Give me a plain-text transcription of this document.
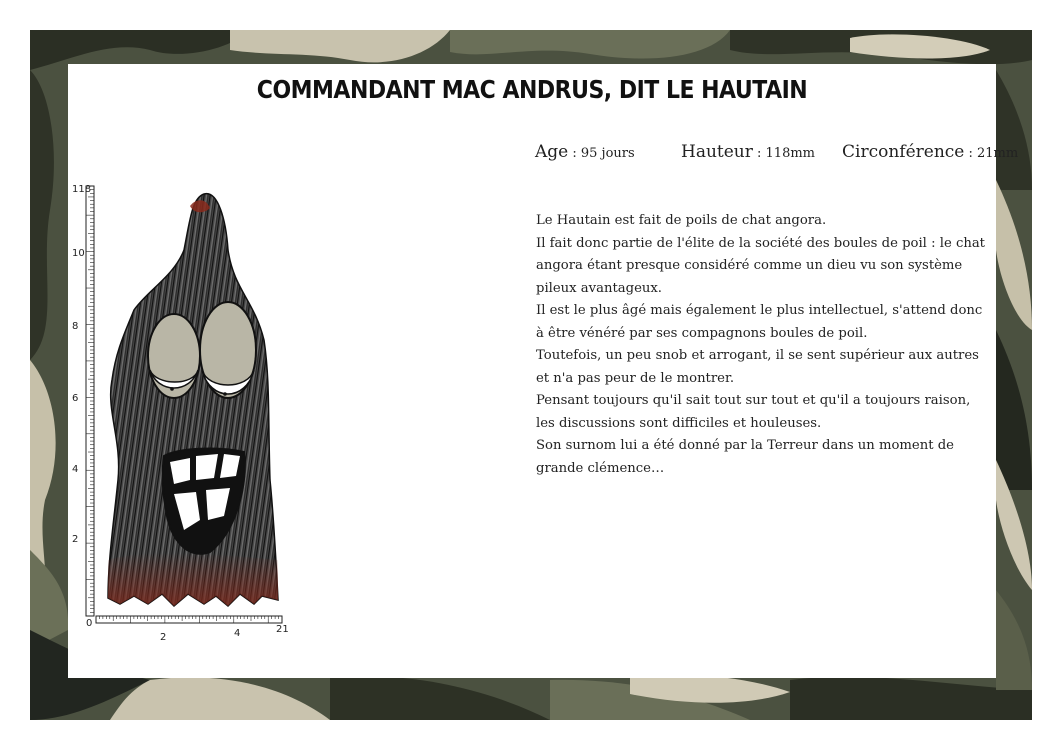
COMMANDANT MAC ANDRUS, DIT LE HAUTAIN
Age : 95 jours	Hauteur : 118mm Circonférence : 21mm

Le Hautain est fait de poils de chat angora.

Il fait donc partie de l'élite de la société des boules de poil : le chat angora étant presque considéré comme un dieu vu son système pileux avantageux.

Il est le plus âgé mais également le plus intellectuel, s'attend donc à être vénéré par ses compagnons boules de poil.

Toutefois, un peu snob et arrogant, il se sent supérieur aux autres et n'a pas peur de le montrer.

Pensant toujours qu'il sait tout sur tout et qu'il a toujours raison, les discussions sont difficiles et houleuses.

Son surnom lui a été donné par la Terreur dans un moment de grande clémence…

118
10
8
6
4
2
0
2	4	21
